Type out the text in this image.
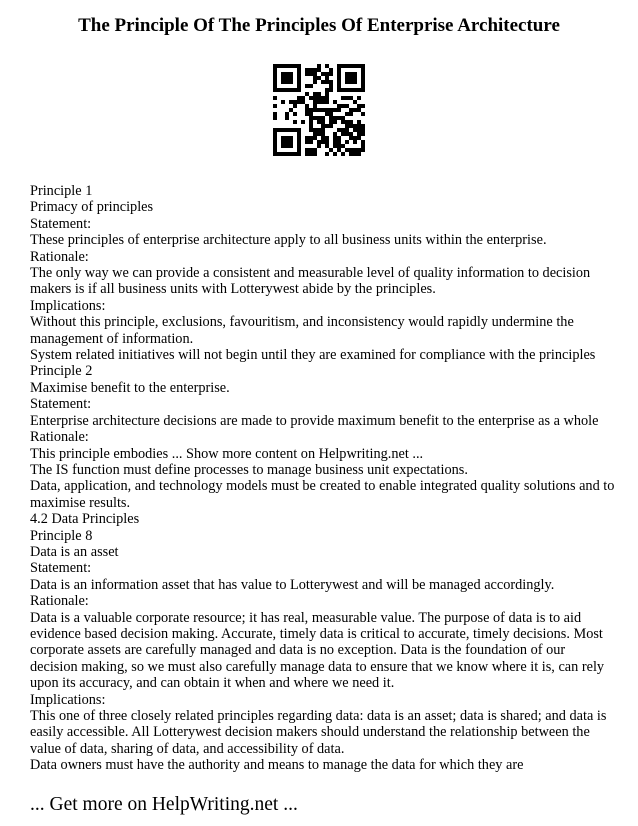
The Principle Of The Principles Of Enterprise Architecture

Principle 1

Primacy of principles

Statement:

These principles of enterprise architecture apply to all business units within the enterprise.

Rationale:

The only way we can provide a consistent and measurable level of quality information to decision makers is if all business units with Lotterywest abide by the principles.

Implications:

Without this principle, exclusions, favouritism, and inconsistency would rapidly undermine the management of information.

System related initiatives will not begin until they are examined for compliance with the principles

Principle 2

Maximise benefit to the enterprise.

Statement:

Enterprise architecture decisions are made to provide maximum benefit to the enterprise as a whole

Rationale:

This principle embodies ... Show more content on Helpwriting.net ...

The IS function must define processes to manage business unit expectations.

Data, application, and technology models must be created to enable integrated quality solutions and to maximise results.

4.2 Data Principles

Principle 8

Data is an asset

Statement:

Data is an information asset that has value to Lotterywest and will be managed accordingly.

Rationale:

Data is a valuable corporate resource; it has real, measurable value. The purpose of data is to aid evidence based decision making. Accurate, timely data is critical to accurate, timely decisions. Most corporate assets are carefully managed and data is no exception. Data is the foundation of our decision making, so we must also carefully manage data to ensure that we know where it is, can rely upon its accuracy, and can obtain it when and where we need it.

Implications:

This one of three closely related principles regarding data: data is an asset; data is shared; and data is easily accessible. All Lotterywest decision makers should understand the relationship between the value of data, sharing of data, and accessibility of data.

Data owners must have the authority and means to manage the data for which they are

... Get more on HelpWriting.net ...
